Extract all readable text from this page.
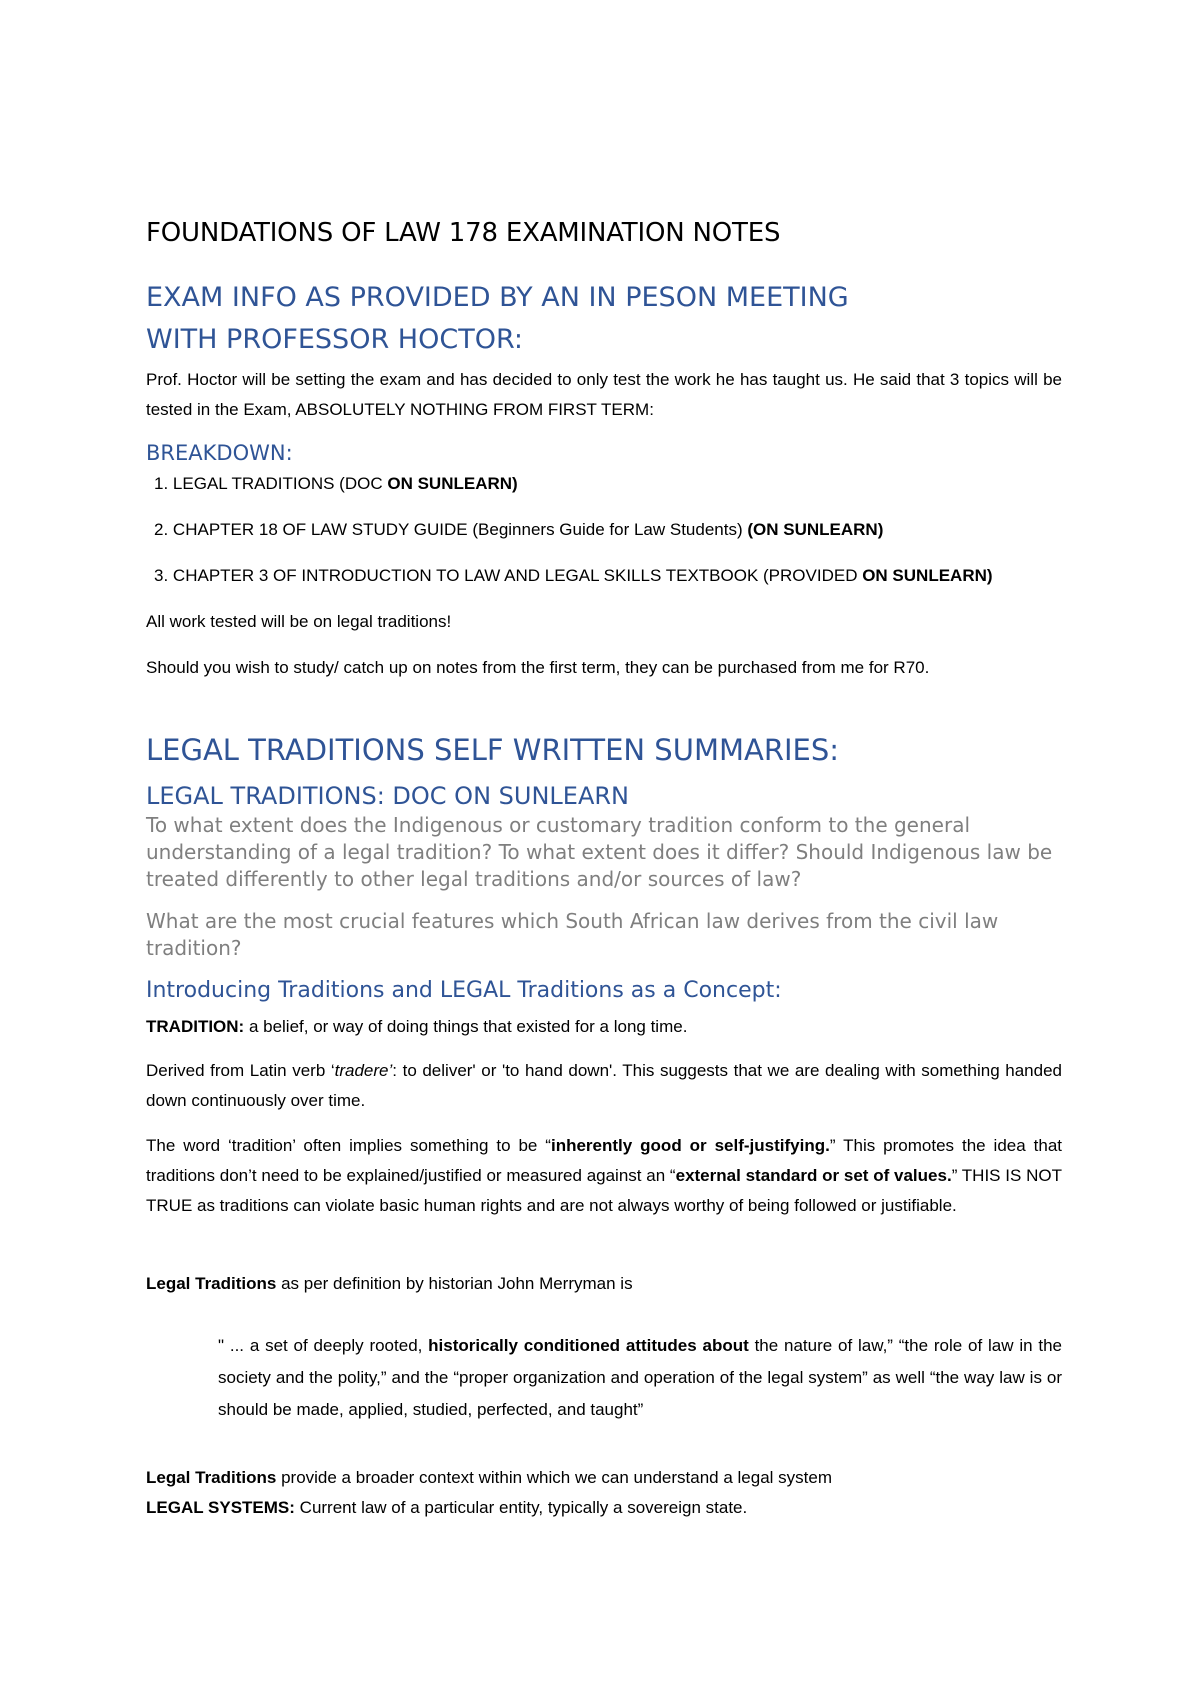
FOUNDATIONS OF LAW 178 EXAMINATION NOTES
EXAM INFO AS PROVIDED BY AN IN PESON MEETING
WITH PROFESSOR HOCTOR:
Prof. Hoctor will be setting the exam and has decided to only test the work he has taught us. He said that 3 topics will be tested in the Exam, ABSOLUTELY NOTHING FROM FIRST TERM:
BREAKDOWN:
1. LEGAL TRADITIONS (DOC ON SUNLEARN)
2. CHAPTER 18 OF LAW STUDY GUIDE (Beginners Guide for Law Students) (ON SUNLEARN)
3. CHAPTER 3 OF INTRODUCTION TO LAW AND LEGAL SKILLS TEXTBOOK (PROVIDED ON SUNLEARN)
All work tested will be on legal traditions!
Should you wish to study/ catch up on notes from the first term, they can be purchased from me for R70.
LEGAL TRADITIONS SELF WRITTEN SUMMARIES:
LEGAL TRADITIONS: DOC ON SUNLEARN
To what extent does the Indigenous or customary tradition conform to the general understanding of a legal tradition? To what extent does it differ? Should Indigenous law be treated differently to other legal traditions and/or sources of law?
What are the most crucial features which South African law derives from the civil law tradition?
Introducing Traditions and LEGAL Traditions as a Concept:
TRADITION: a belief, or way of doing things that existed for a long time.
Derived from Latin verb ‘tradere’: to deliver' or 'to hand down'. This suggests that we are dealing with something handed down continuously over time.
The word ‘tradition’ often implies something to be “inherently good or self-justifying.” This promotes the idea that traditions don’t need to be explained/justified or measured against an “external standard or set of values.” THIS IS NOT TRUE as traditions can violate basic human rights and are not always worthy of being followed or justifiable.
Legal Traditions as per definition by historian John Merryman is
" ... a set of deeply rooted, historically conditioned attitudes about the nature of law,” “the role of law in the society and the polity,” and the “proper organization and operation of the legal system” as well “the way law is or should be made, applied, studied, perfected, and taught”
Legal Traditions provide a broader context within which we can understand a legal system
LEGAL SYSTEMS: Current law of a particular entity, typically a sovereign state.
